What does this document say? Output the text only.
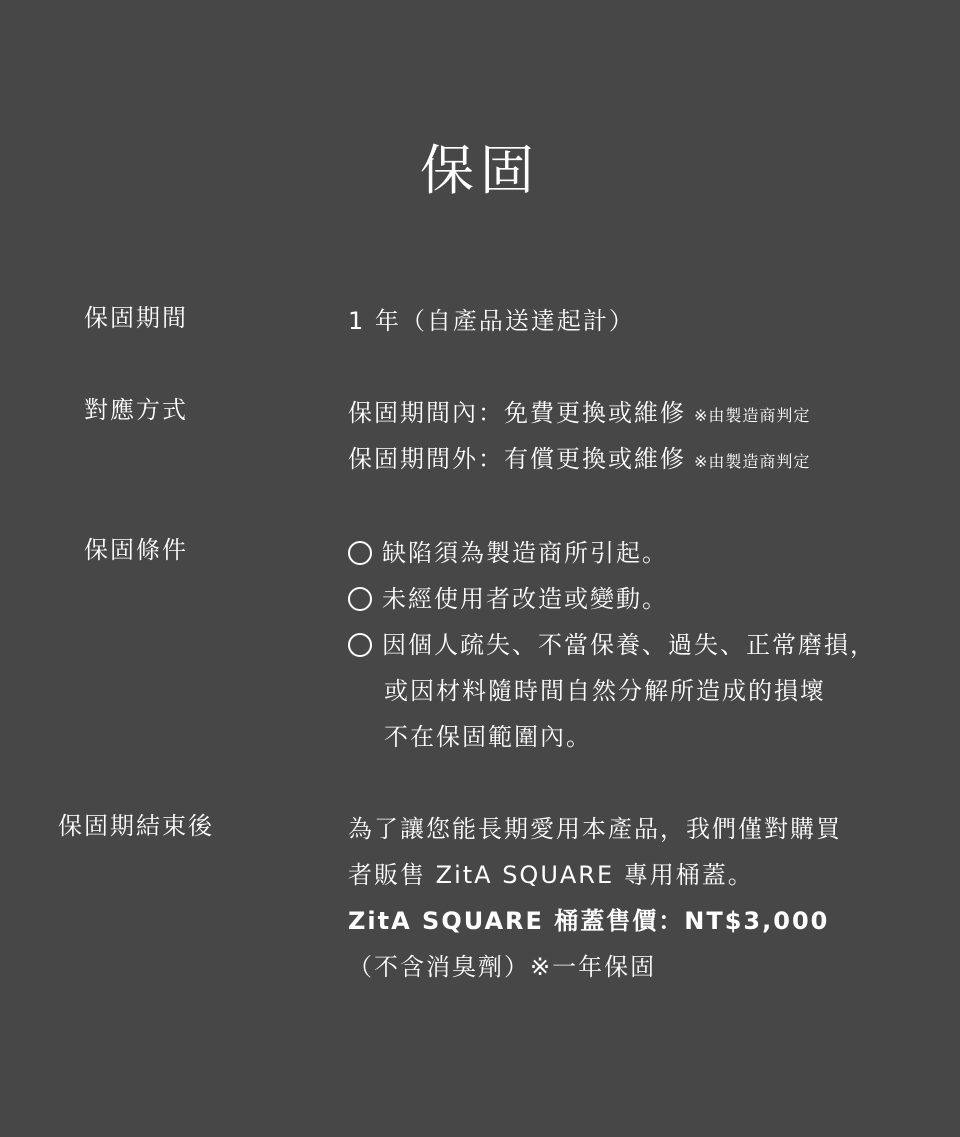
保固
保固期間	1 年（自產品送達起計）
對應方式	保固期間內：免費更換或維修 ※由製造商判定
保固期間外：有償更換或維修 ※由製造商判定
保固條件	缺陷須為製造商所引起。
未經使用者改造或變動。
因個人疏失、不當保養、過失、正常磨損，
或因材料隨時間自然分解所造成的損壞
不在保固範圍內。
保固期結束後	為了讓您能長期愛用本產品，我們僅對購買
者販售 ZitA SQUARE 專用桶蓋。
ZitA SQUARE 桶蓋售價：NT$3,000
（不含消臭劑）※一年保固
